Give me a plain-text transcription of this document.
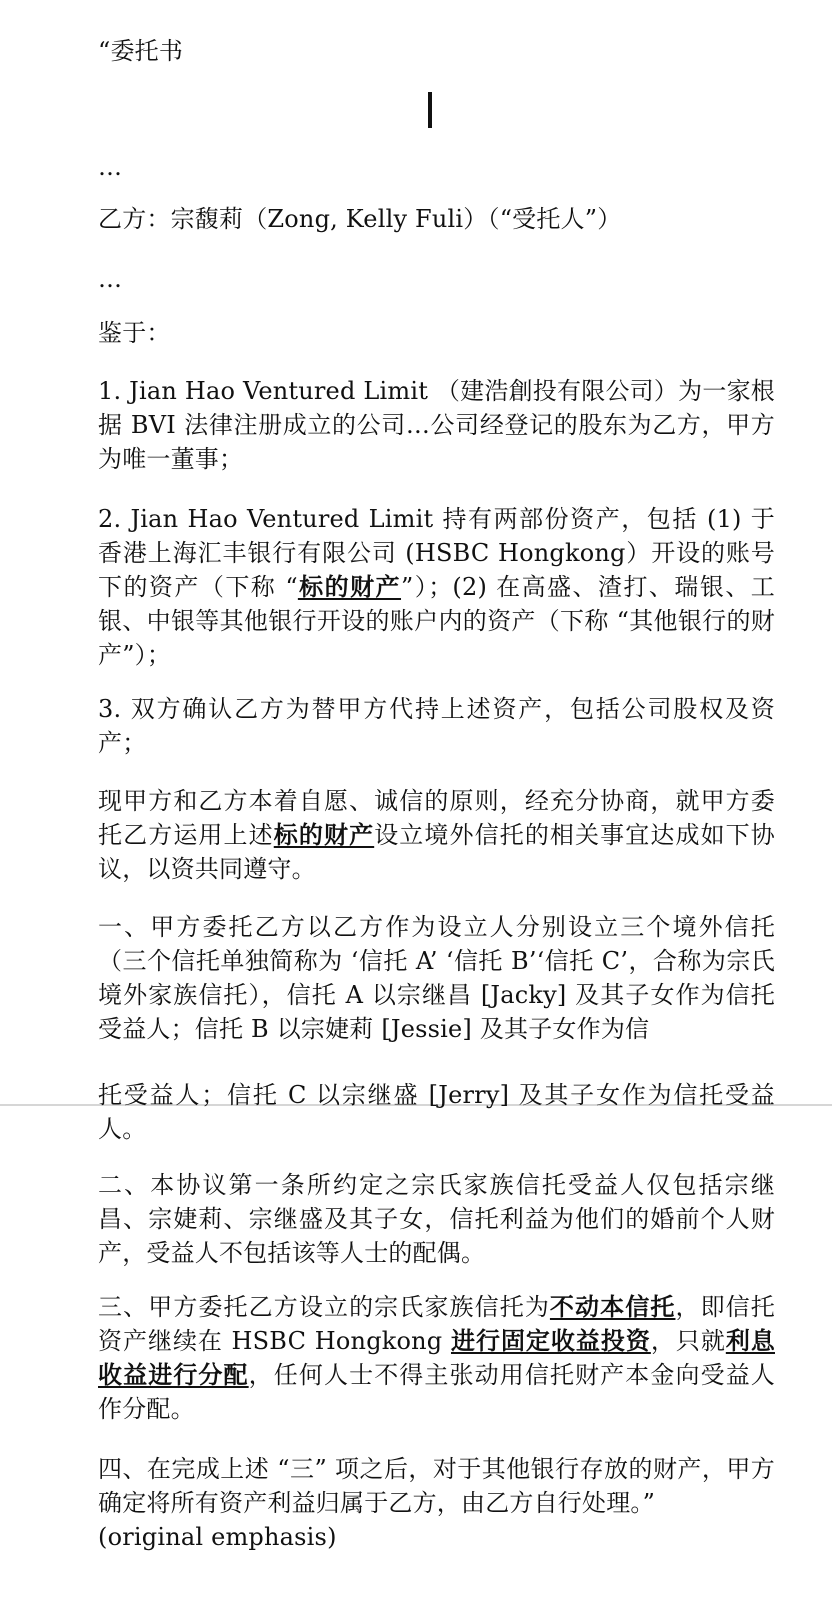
“委托书

…

乙方：宗馥莉（Zong, Kelly Fuli）（“受托人”）

…

鉴于：

1. Jian Hao Ventured Limit （建浩創投有限公司）为一家根据 BVI 法律注册成立的公司…公司经登记的股东为乙方，甲方为唯一董事；

2. Jian Hao Ventured Limit 持有两部份资产，包括 (1) 于香港上海汇丰银行有限公司 (HSBC Hongkong）开设的账号下的资产（下称 “标的财产”）；(2) 在高盛、渣打、瑞银、工银、中银等其他银行开设的账户内的资产（下称 “其他银行的财产”）；

3. 双方确认乙方为替甲方代持上述资产，包括公司股权及资产；

现甲方和乙方本着自愿、诚信的原则，经充分协商，就甲方委托乙方运用上述标的财产设立境外信托的相关事宜达成如下协议，以资共同遵守。

一、甲方委托乙方以乙方作为设立人分别设立三个境外信托（三个信托单独简称为 ‘信托 A’ ‘信托 B’‘信托 C’，合称为宗氏境外家族信托），信托 A 以宗继昌 [Jacky] 及其子女作为信托受益人；信托 B 以宗婕莉 [Jessie] 及其子女作为信

托受益人；信托 C 以宗继盛 [Jerry] 及其子女作为信托受益人。

二、本协议第一条所约定之宗氏家族信托受益人仅包括宗继昌、宗婕莉、宗继盛及其子女，信托利益为他们的婚前个人财产，受益人不包括该等人士的配偶。

三、甲方委托乙方设立的宗氏家族信托为不动本信托，即信托资产继续在 HSBC Hongkong 进行固定收益投资，只就利息收益进行分配，任何人士不得主张动用信托财产本金向受益人作分配。

四、在完成上述 “三” 项之后，对于其他银行存放的财产，甲方确定将所有资产利益归属于乙方，由乙方自行处理。”

(original emphasis)
